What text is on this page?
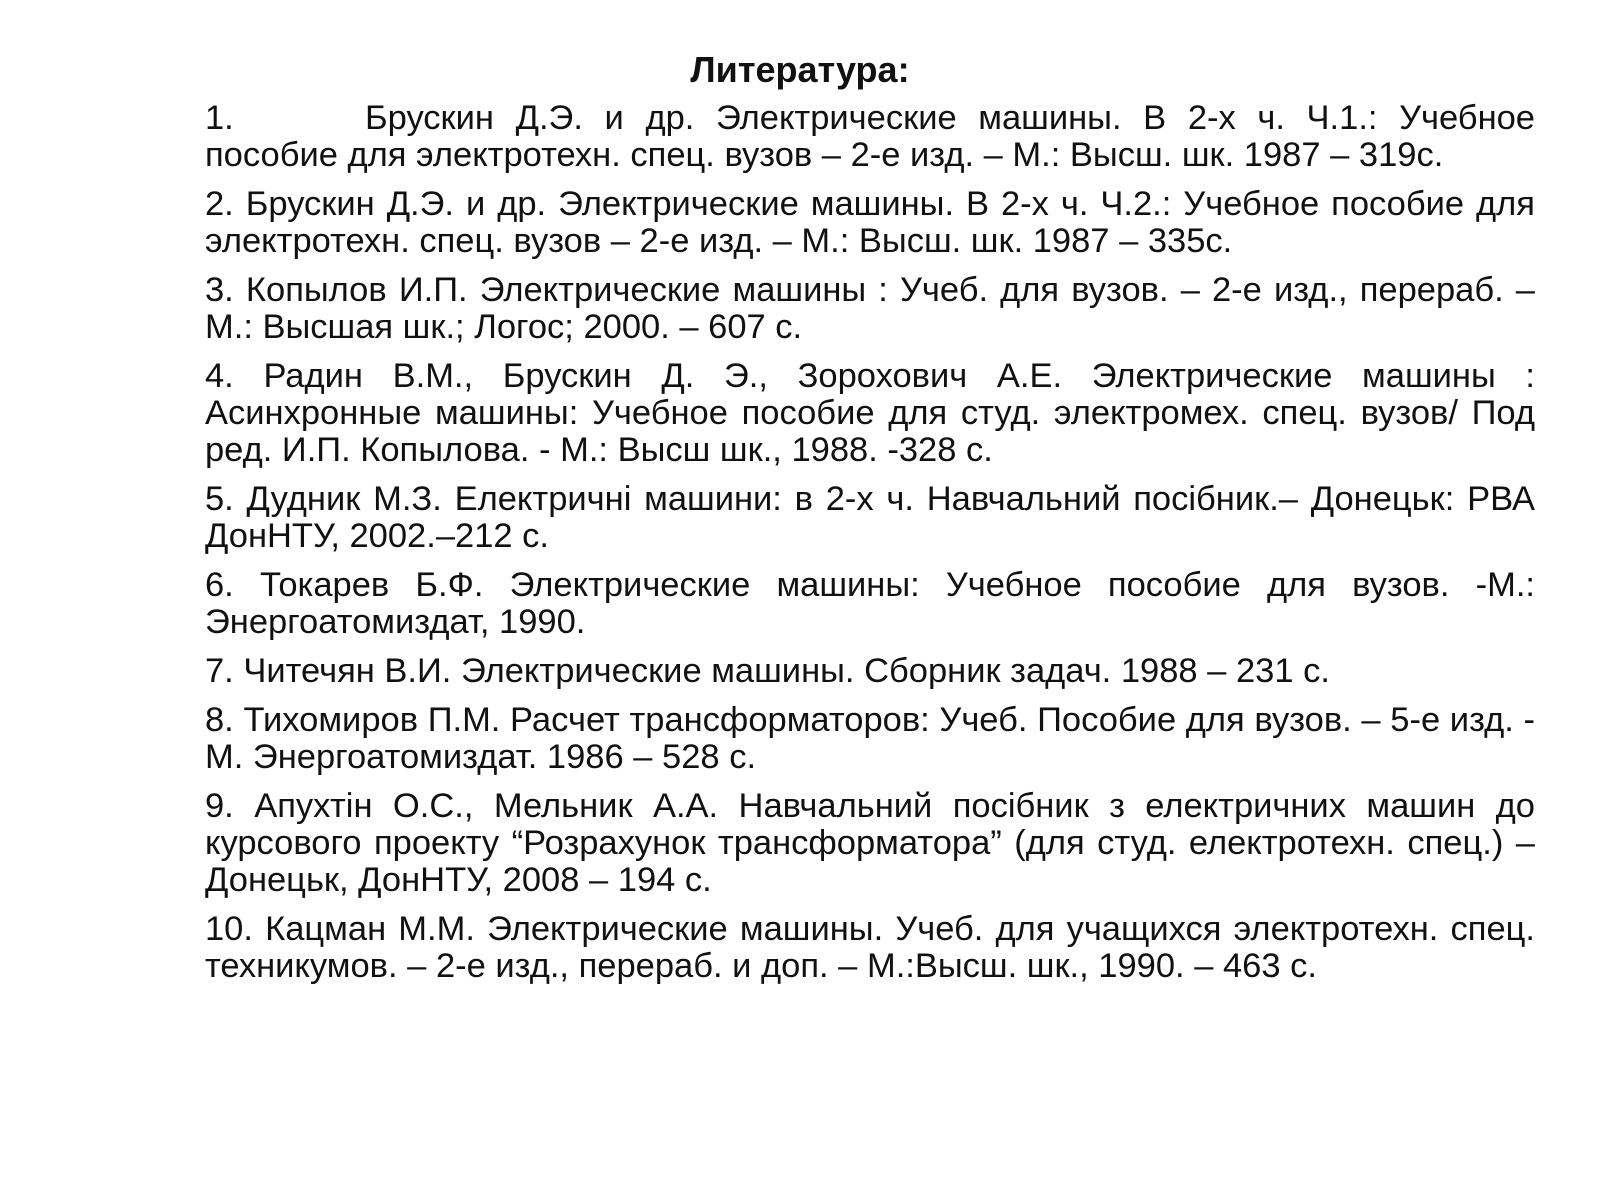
Литература:
1.	Брускин Д.Э. и др. Электрические машины. В 2-х ч. Ч.1.: Учебное пособие для электротехн. спец. вузов – 2-е изд. – М.: Высш. шк. 1987 – 319с.
2. Брускин Д.Э. и др. Электрические машины. В 2-х ч. Ч.2.: Учебное пособие для электротехн. спец. вузов – 2-е изд. – М.: Высш. шк. 1987 – 335с.
3. Копылов И.П. Электрические машины : Учеб. для вузов. – 2-е изд., перераб. – М.: Высшая шк.; Логос; 2000. – 607 с.
4. Радин В.М., Брускин Д. Э., Зорохович А.Е. Электрические машины : Асинхронные машины: Учебное пособие для студ. электромех. спец. вузов/ Под ред. И.П. Копылова. - М.: Высш шк., 1988. -328 с.
5. Дудник М.З. Електричні машини: в 2-х ч. Навчальний посібник.– Донецьк: РВА ДонНТУ, 2002.–212 с.
6. Токарев Б.Ф. Электрические машины: Учебное пособие для вузов. -М.: Энергоатомиздат, 1990.
7. Читечян В.И. Электрические машины. Сборник задач. 1988 – 231 с.
8. Тихомиров П.М. Расчет трансформаторов: Учеб. Пособие для вузов. – 5-е изд. - М. Энергоатомиздат. 1986 – 528 с.
9. Апухтін О.С., Мельник А.А. Навчальний посібник з електричних машин до курсового проекту “Розрахунок трансформатора” (для студ. електротехн. спец.) – Донецьк, ДонНТУ, 2008 – 194 с.
10. Кацман М.М. Электрические машины. Учеб. для учащихся электротехн. спец. техникумов. – 2-е изд., перераб. и доп. – М.:Высш. шк., 1990. – 463 с.
